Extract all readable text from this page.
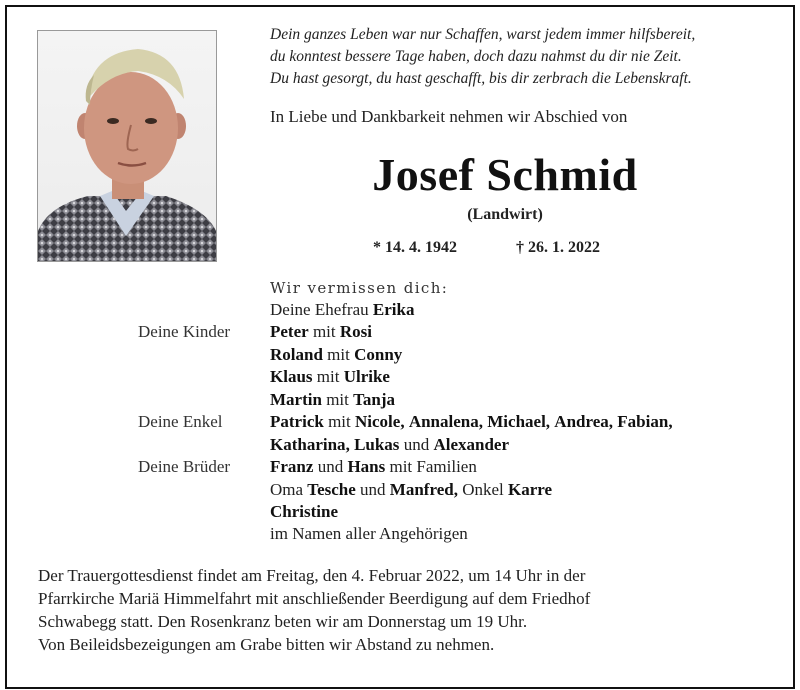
Dein ganzes Leben war nur Schaffen, warst jedem immer hilfsbereit,
du konntest bessere Tage haben, doch dazu nahmst du dir nie Zeit.
Du hast gesorgt, du hast geschafft, bis dir zerbrach die Lebenskraft.
In Liebe und Dankbarkeit nehmen wir Abschied von
Josef Schmid
(Landwirt)
* 14. 4. 1942	† 26. 1. 2022
Wir vermissen dich:
Deine Ehefrau Erika
Deine Kinder Peter mit Rosi
Roland mit Conny
Klaus mit Ulrike
Martin mit Tanja
Deine Enkel	Patrick mit Nicole, Annalena, Michael, Andrea, Fabian,
Katharina, Lukas und Alexander
Deine Brüder Franz und Hans mit Familien
Oma Tesche und Manfred, Onkel Karre
Christine
im Namen aller Angehörigen

Der Trauergottesdienst findet am Freitag, den 4. Februar 2022, um 14 Uhr in der

Pfarrkirche Mariä Himmelfahrt mit anschließender Beerdigung auf dem Friedhof

Schwabegg statt. Den Rosenkranz beten wir am Donnerstag um 19 Uhr.

Von Beileidsbezeigungen am Grabe bitten wir Abstand zu nehmen.
